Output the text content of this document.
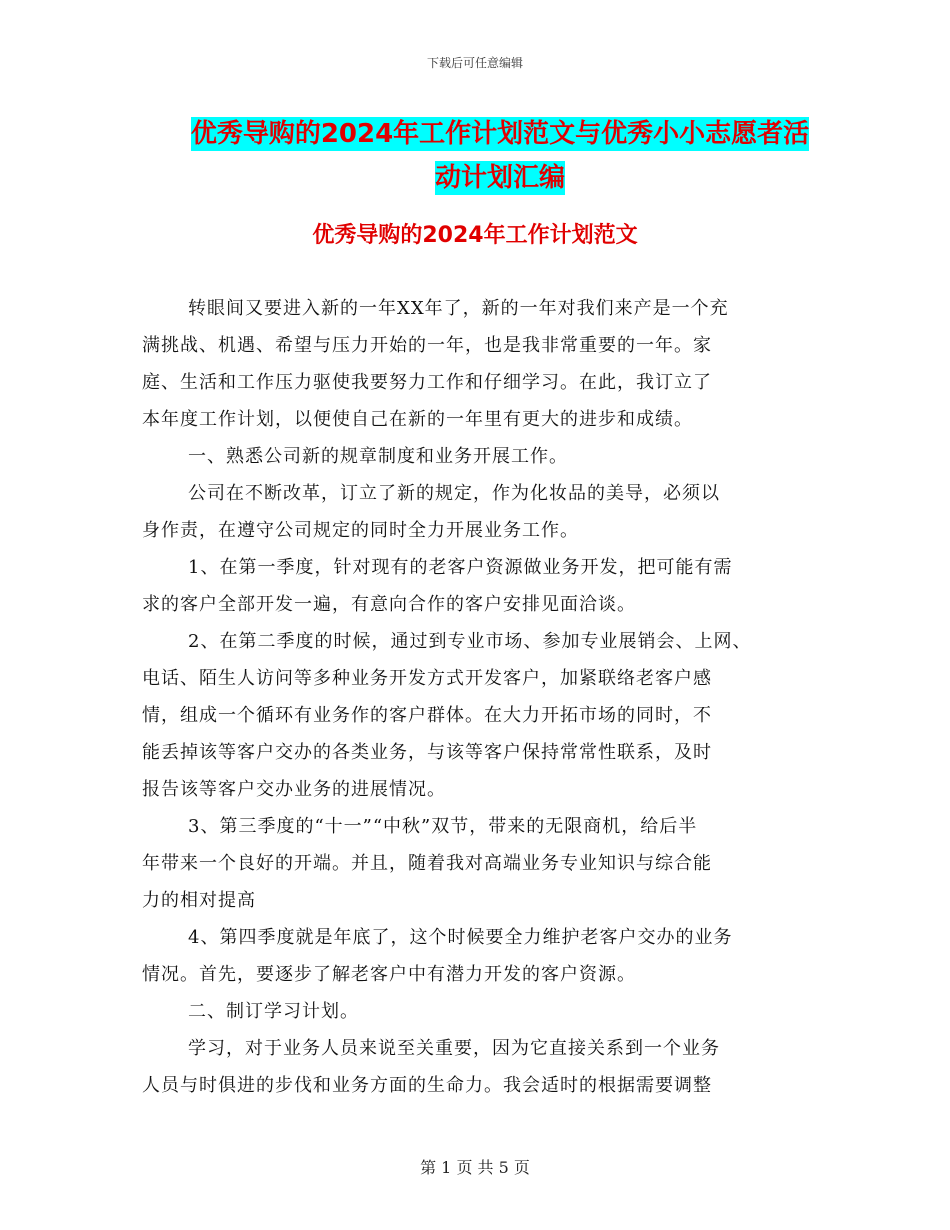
下载后可任意编辑
优秀导购的2024年工作计划范文与优秀小小志愿者活
动计划汇编
优秀导购的2024年工作计划范文

转眼间又要进入新的一年XX年了，新的一年对我们来产是一个充
满挑战、机遇、希望与压力开始的一年，也是我非常重要的一年。家
庭、生活和工作压力驱使我要努力工作和仔细学习。在此，我订立了
本年度工作计划，以便使自己在新的一年里有更大的进步和成绩。

一、熟悉公司新的规章制度和业务开展工作。

公司在不断改革，订立了新的规定，作为化妆品的美导，必须以
身作责，在遵守公司规定的同时全力开展业务工作。

1、在第一季度，针对现有的老客户资源做业务开发，把可能有需
求的客户全部开发一遍，有意向合作的客户安排见面洽谈。

2、在第二季度的时候，通过到专业市场、参加专业展销会、上网、
电话、陌生人访问等多种业务开发方式开发客户，加紧联络老客户感
情，组成一个循环有业务作的客户群体。在大力开拓市场的同时，不
能丢掉该等客户交办的各类业务，与该等客户保持常常性联系，及时
报告该等客户交办业务的进展情况。

3、第三季度的“十一”“中秋”双节，带来的无限商机，给后半
年带来一个良好的开端。并且，随着我对高端业务专业知识与综合能
力的相对提高

4、第四季度就是年底了，这个时候要全力维护老客户交办的业务
情况。首先，要逐步了解老客户中有潜力开发的客户资源。

二、制订学习计划。

学习，对于业务人员来说至关重要，因为它直接关系到一个业务
人员与时俱进的步伐和业务方面的生命力。我会适时的根据需要调整

第 1 页 共 5 页
